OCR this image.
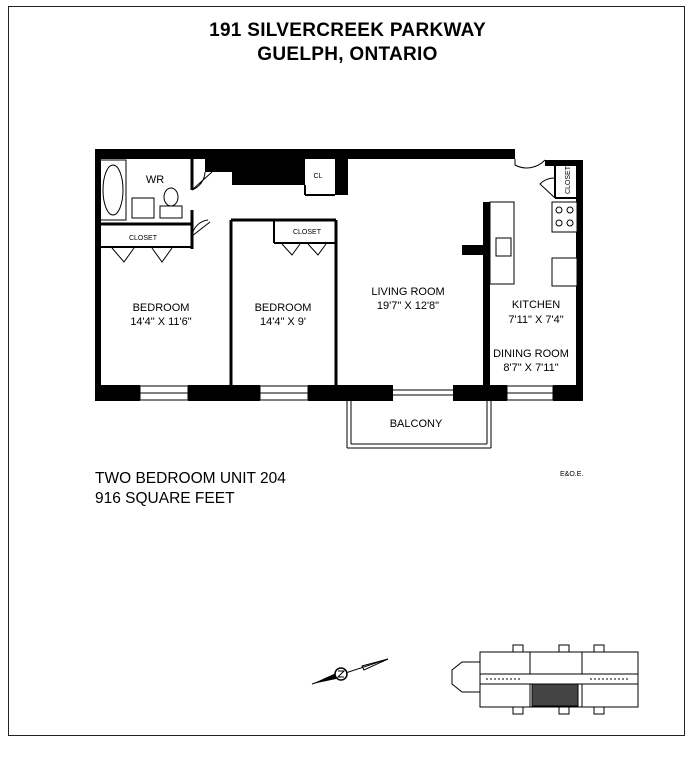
191 SILVERCREEK PARKWAY
GUELPH, ONTARIO
WR	CL	CLOSET
CLOSET
CLOSET
BEDROOM
14'4" X 11'6"
BEDROOM
14'4" X 9'
LIVING ROOM
19'7" X 12'8"	KITCHEN
7'11" X 7'4"
DINING ROOM
8'7" X 7'11"
BALCONY
TWO BEDROOM UNIT 204
916 SQUARE FEET
E&O.E.
